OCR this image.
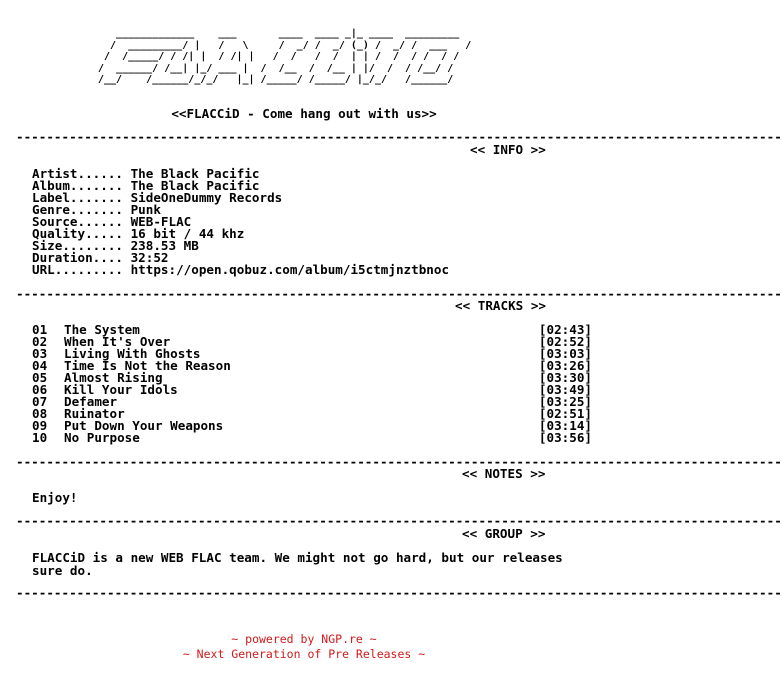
_____________    ___       ____  ____ _|_ ____  _________
/  _________/ |   /   \     /  _/ /  _/ (_) /  _/ /  ___   /
/  /_____/ / /| |  / /| |   /  /   /  /  | | /  /  / /  / /
/  ______/ /__| |_/ ___ |  /  /__  /  /__ | |/  /  / /__/ /
/__/    /______/_/_/   |_| /_____/ /_____/ |_/_/   /______/
<<FLACCiD - Come hang out with us>>
-----------------------------------------------------------------------------------------------------
<< INFO >>
Artist...... The Black Pacific
Album....... The Black Pacific
Label....... SideOneDummy Records
Genre....... Punk
Source...... WEB-FLAC
Quality..... 16 bit / 44 khz
Size........ 238.53 MB
Duration.... 32:52
URL......... https://open.qobuz.com/album/i5ctmjnztbnoc
-----------------------------------------------------------------------------------------------------
<< TRACKS >>
01 The System	[02:43]
02 When It's Over	[02:52]
03 Living With Ghosts	[03:03]
04 Time Is Not the Reason	[03:26]
05 Almost Rising	[03:30]
06 Kill Your Idols	[03:49]
07 Defamer	[03:25]
08 Ruinator	[02:51]
09 Put Down Your Weapons	[03:14]
10 No Purpose	[03:56]
-----------------------------------------------------------------------------------------------------
<< NOTES >>
Enjoy!
-----------------------------------------------------------------------------------------------------
<< GROUP >>
FLACCiD is a new WEB FLAC team. We might not go hard, but our releases sure do.
-----------------------------------------------------------------------------------------------------
~ powered by NGP.re ~
~ Next Generation of Pre Releases ~
